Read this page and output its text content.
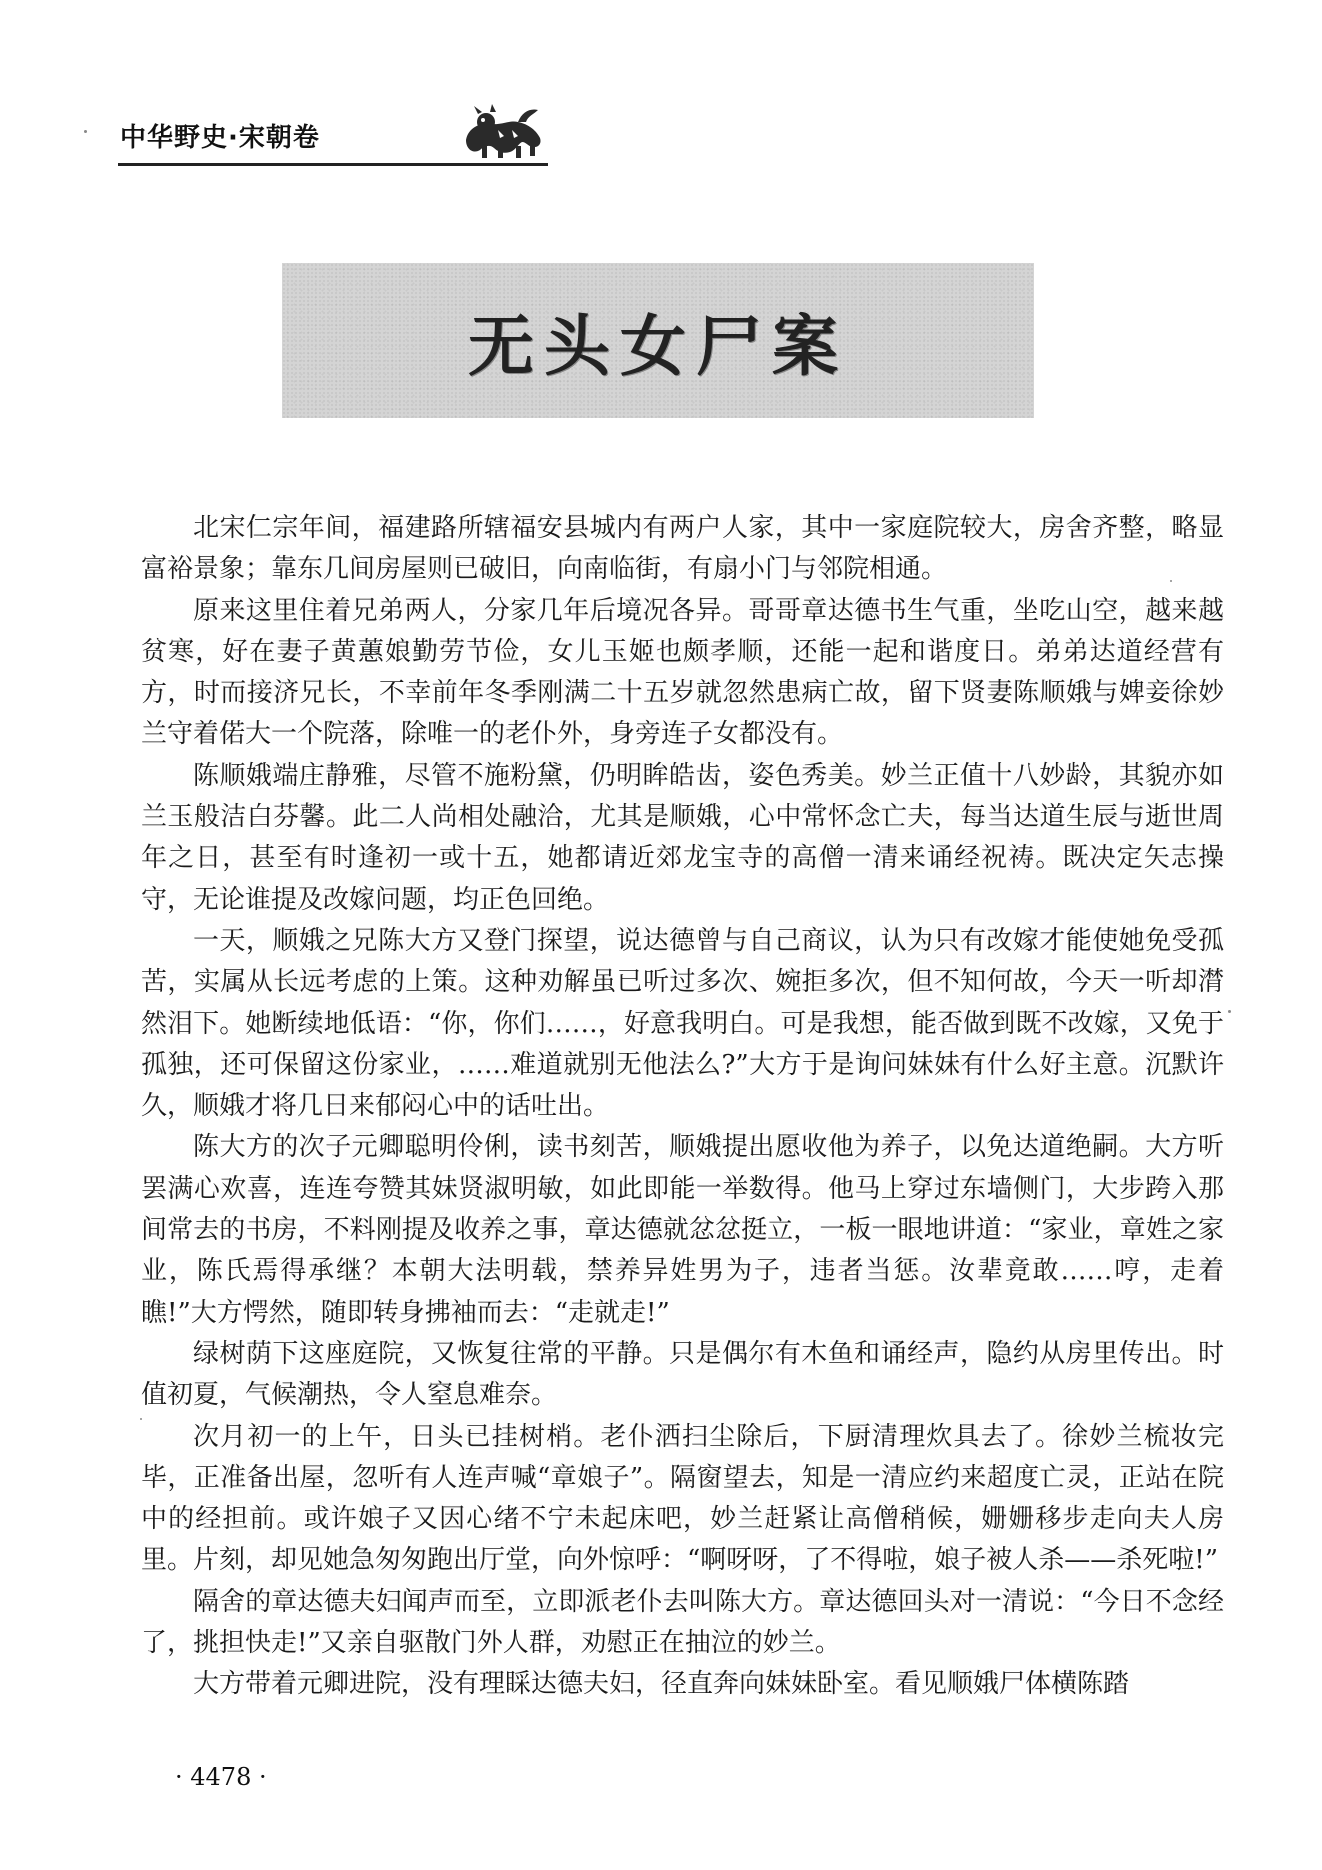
中华野史·宋朝卷
无头女尸案

北宋仁宗年间，福建路所辖福安县城内有两户人家，其中一家庭院较大，房舍齐整，略显富裕景象；靠东几间房屋则已破旧，向南临街，有扇小门与邻院相通。

原来这里住着兄弟两人，分家几年后境况各异。哥哥章达德书生气重，坐吃山空，越来越贫寒，好在妻子黄蕙娘勤劳节俭，女儿玉姬也颇孝顺，还能一起和谐度日。弟弟达道经营有方，时而接济兄长，不幸前年冬季刚满二十五岁就忽然患病亡故，留下贤妻陈顺娥与婢妾徐妙兰守着偌大一个院落，除唯一的老仆外，身旁连子女都没有。

陈顺娥端庄静雅，尽管不施粉黛，仍明眸皓齿，姿色秀美。妙兰正值十八妙龄，其貌亦如兰玉般洁白芬馨。此二人尚相处融洽，尤其是顺娥，心中常怀念亡夫，每当达道生辰与逝世周年之日，甚至有时逢初一或十五，她都请近郊龙宝寺的高僧一清来诵经祝祷。既决定矢志操守，无论谁提及改嫁问题，均正色回绝。

一天，顺娥之兄陈大方又登门探望，说达德曾与自己商议，认为只有改嫁才能使她免受孤苦，实属从长远考虑的上策。这种劝解虽已听过多次、婉拒多次，但不知何故，今天一听却潸然泪下。她断续地低语：“你，你们……，好意我明白。可是我想，能否做到既不改嫁，又免于孤独，还可保留这份家业，……难道就别无他法么?”大方于是询问妹妹有什么好主意。沉默许久，顺娥才将几日来郁闷心中的话吐出。

陈大方的次子元卿聪明伶俐，读书刻苦，顺娥提出愿收他为养子，以免达道绝嗣。大方听罢满心欢喜，连连夸赞其妹贤淑明敏，如此即能一举数得。他马上穿过东墙侧门，大步跨入那间常去的书房，不料刚提及收养之事，章达德就忿忿挺立，一板一眼地讲道：“家业，章姓之家业，陈氏焉得承继？本朝大法明载，禁养异姓男为子，违者当惩。汝辈竟敢……哼，走着瞧!”大方愕然，随即转身拂袖而去：“走就走!”

绿树荫下这座庭院，又恢复往常的平静。只是偶尔有木鱼和诵经声，隐约从房里传出。时值初夏，气候潮热，令人窒息难奈。

次月初一的上午，日头已挂树梢。老仆洒扫尘除后，下厨清理炊具去了。徐妙兰梳妆完毕，正准备出屋，忽听有人连声喊“章娘子”。隔窗望去，知是一清应约来超度亡灵，正站在院中的经担前。或许娘子又因心绪不宁未起床吧，妙兰赶紧让高僧稍候，姗姗移步走向夫人房里。片刻，却见她急匆匆跑出厅堂，向外惊呼：“啊呀呀，了不得啦，娘子被人杀——杀死啦!”

隔舍的章达德夫妇闻声而至，立即派老仆去叫陈大方。章达德回头对一清说：“今日不念经了，挑担快走!”又亲自驱散门外人群，劝慰正在抽泣的妙兰。

大方带着元卿进院，没有理睬达德夫妇，径直奔向妹妹卧室。看见顺娥尸体横陈踏

· 4478 ·
